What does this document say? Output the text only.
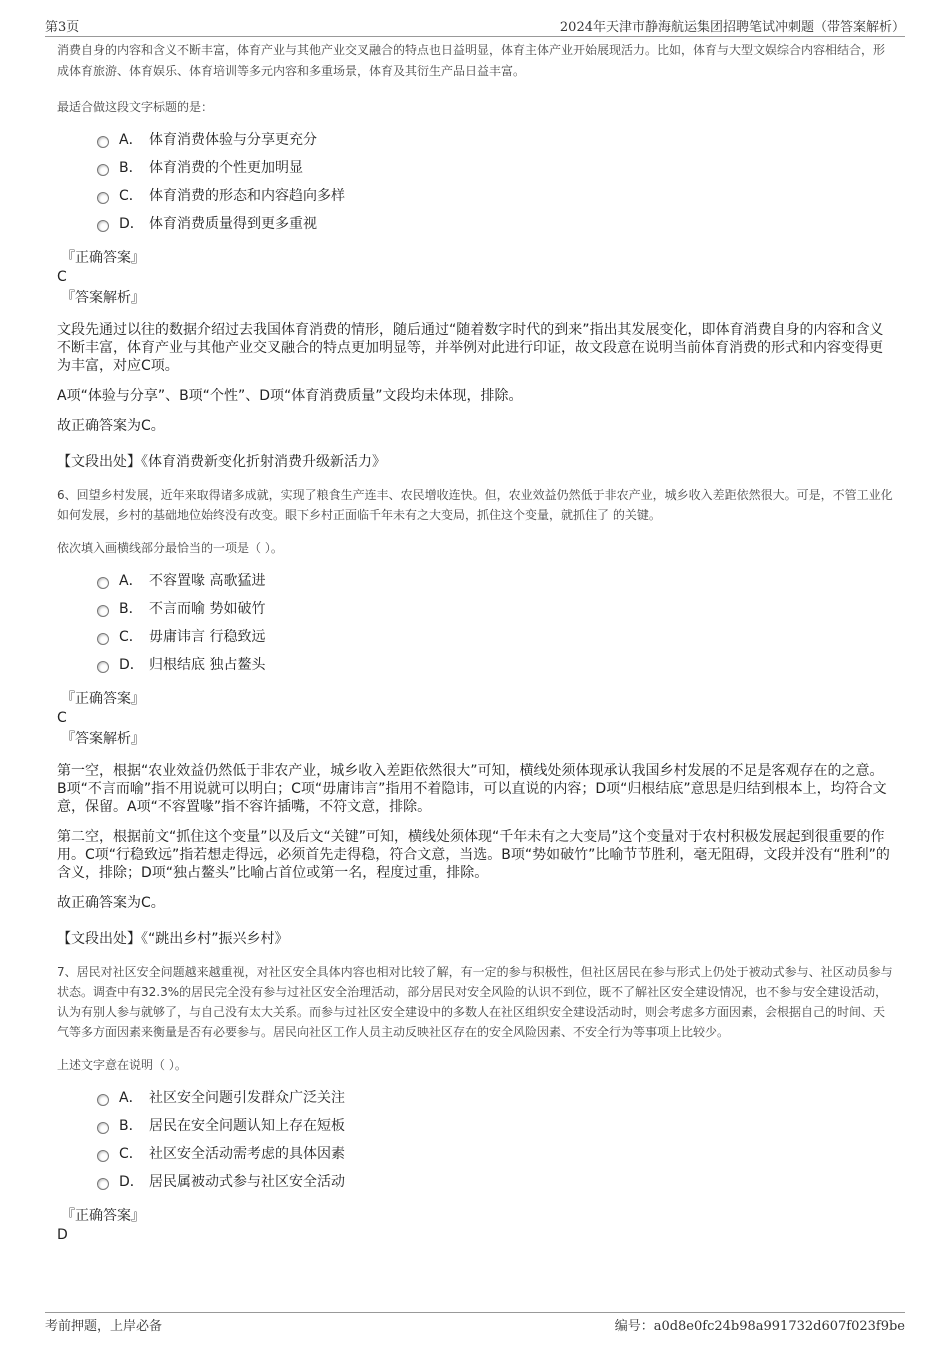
第3页	2024年天津市静海航运集团招聘笔试冲刺题（带答案解析）

消费自身的内容和含义不断丰富，体育产业与其他产业交叉融合的特点也日益明显，体育主体产业开始展现活力。比如，体育与大型文娱综合内容相结合，形成体育旅游、体育娱乐、体育培训等多元内容和多重场景，体育及其衍生产品日益丰富。

最适合做这段文字标题的是：

A． 体育消费体验与分享更充分
B． 体育消费的个性更加明显
C． 体育消费的形态和内容趋向多样
D． 体育消费质量得到更多重视
『正确答案』
C
『答案解析』

文段先通过以往的数据介绍过去我国体育消费的情形，随后通过“随着数字时代的到来”指出其发展变化，即体育消费自身的内容和含义不断丰富，体育产业与其他产业交叉融合的特点更加明显等，并举例对此进行印证，故文段意在说明当前体育消费的形式和内容变得更为丰富，对应C项。

A项“体验与分享”、B项“个性”、D项“体育消费质量”文段均未体现，排除。

故正确答案为C。

【文段出处】《体育消费新变化折射消费升级新活力》

6、回望乡村发展，近年来取得诸多成就，实现了粮食生产连丰、农民增收连快。但，农业效益仍然低于非农产业，城乡收入差距依然很大。可是，不管工业化如何发展，乡村的基础地位始终没有改变。眼下乡村正面临千年未有之大变局，抓住这个变量，就抓住了 的关键。

依次填入画横线部分最恰当的一项是（ ）。

A． 不容置喙 高歌猛进
B． 不言而喻 势如破竹
C． 毋庸讳言 行稳致远
D． 归根结底 独占鳌头
『正确答案』
C
『答案解析』

第一空，根据“农业效益仍然低于非农产业，城乡收入差距依然很大”可知，横线处须体现承认我国乡村发展的不足是客观存在的之意。B项“不言而喻”指不用说就可以明白；C项“毋庸讳言”指用不着隐讳，可以直说的内容；D项“归根结底”意思是归结到根本上，均符合文意，保留。A项“不容置喙”指不容许插嘴，不符文意，排除。

第二空，根据前文“抓住这个变量”以及后文“关键”可知，横线处须体现“千年未有之大变局”这个变量对于农村积极发展起到很重要的作用。C项“行稳致远”指若想走得远，必须首先走得稳，符合文意，当选。B项“势如破竹”比喻节节胜利，毫无阻碍，文段并没有“胜利”的含义，排除；D项“独占鳌头”比喻占首位或第一名，程度过重，排除。

故正确答案为C。

【文段出处】《“跳出乡村”振兴乡村》

7、居民对社区安全问题越来越重视，对社区安全具体内容也相对比较了解，有一定的参与积极性，但社区居民在参与形式上仍处于被动式参与、社区动员参与状态。调查中有32.3%的居民完全没有参与过社区安全治理活动，部分居民对安全风险的认识不到位，既不了解社区安全建设情况，也不参与安全建设活动，认为有别人参与就够了，与自己没有太大关系。而参与过社区安全建设中的多数人在社区组织安全建设活动时，则会考虑多方面因素，会根据自己的时间、天气等多方面因素来衡量是否有必要参与。居民向社区工作人员主动反映社区存在的安全风险因素、不安全行为等事项上比较少。

上述文字意在说明（ ）。

A． 社区安全问题引发群众广泛关注
B． 居民在安全问题认知上存在短板
C． 社区安全活动需考虑的具体因素
D． 居民属被动式参与社区安全活动
『正确答案』
D
考前押题，上岸必备	编号：a0d8e0fc24b98a991732d607f023f9be
